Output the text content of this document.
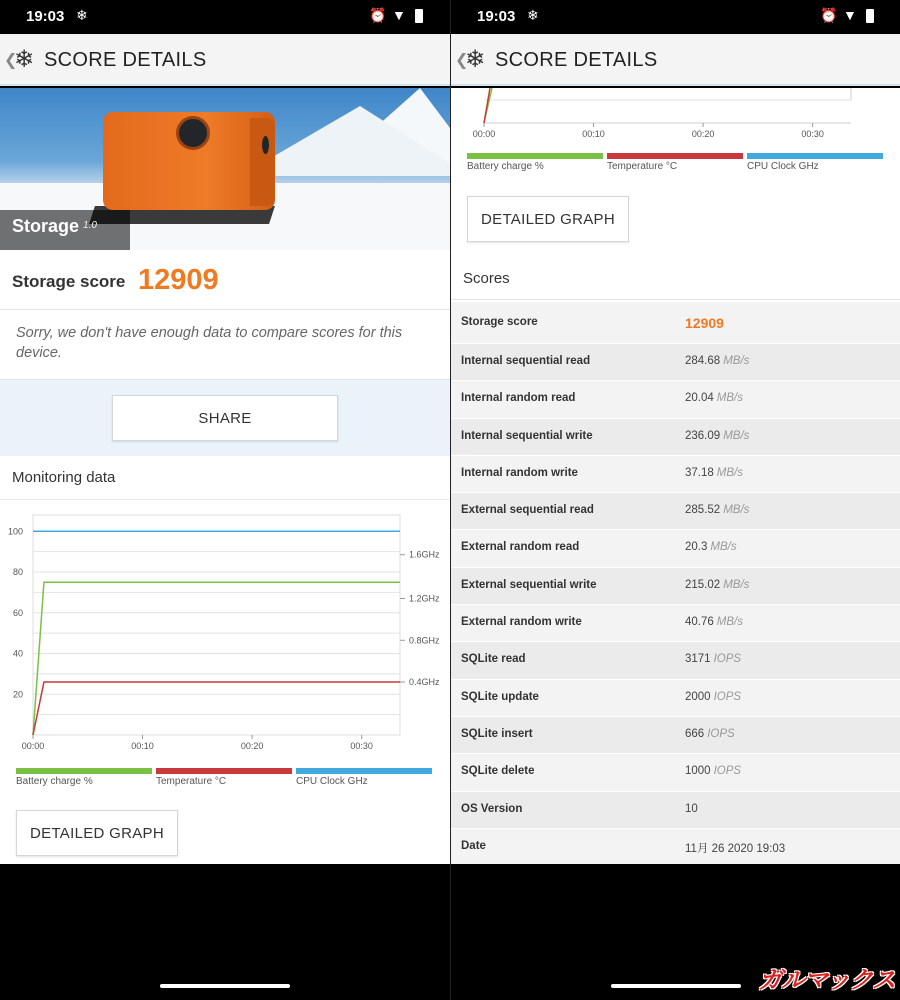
19:03 ❄	⏰ ▼
❮
❄ SCORE DETAILS
Storage 1.0
Storage score 12909
Sorry, we don't have enough data to compare scores for this device.
SHARE
Monitoring data
20
40
60
80
100
0.4GHz
0.8GHz
1.2GHz
1.6GHz
00:00	00:10	00:20	00:30
Battery charge %	Temperature °C	CPU Clock GHz
DETAILED GRAPH
19:03 ❄	⏰ ▼
❮
❄ SCORE DETAILS
00:00	00:10	00:20	00:30
Battery charge %	Temperature °C	CPU Clock GHz
DETAILED GRAPH
Scores
Storage score	12909
Internal sequential read	284.68 MB/s
Internal random read	20.04 MB/s
Internal sequential write	236.09 MB/s
Internal random write	37.18 MB/s
External sequential read	285.52 MB/s
External random read	20.3 MB/s
External sequential write	215.02 MB/s
External random write	40.76 MB/s
SQLite read	3171 IOPS
SQLite update	2000 IOPS
SQLite insert	666 IOPS
SQLite delete	1000 IOPS
OS Version	10
Date	11月 26 2020 19:03
ガルマックス
